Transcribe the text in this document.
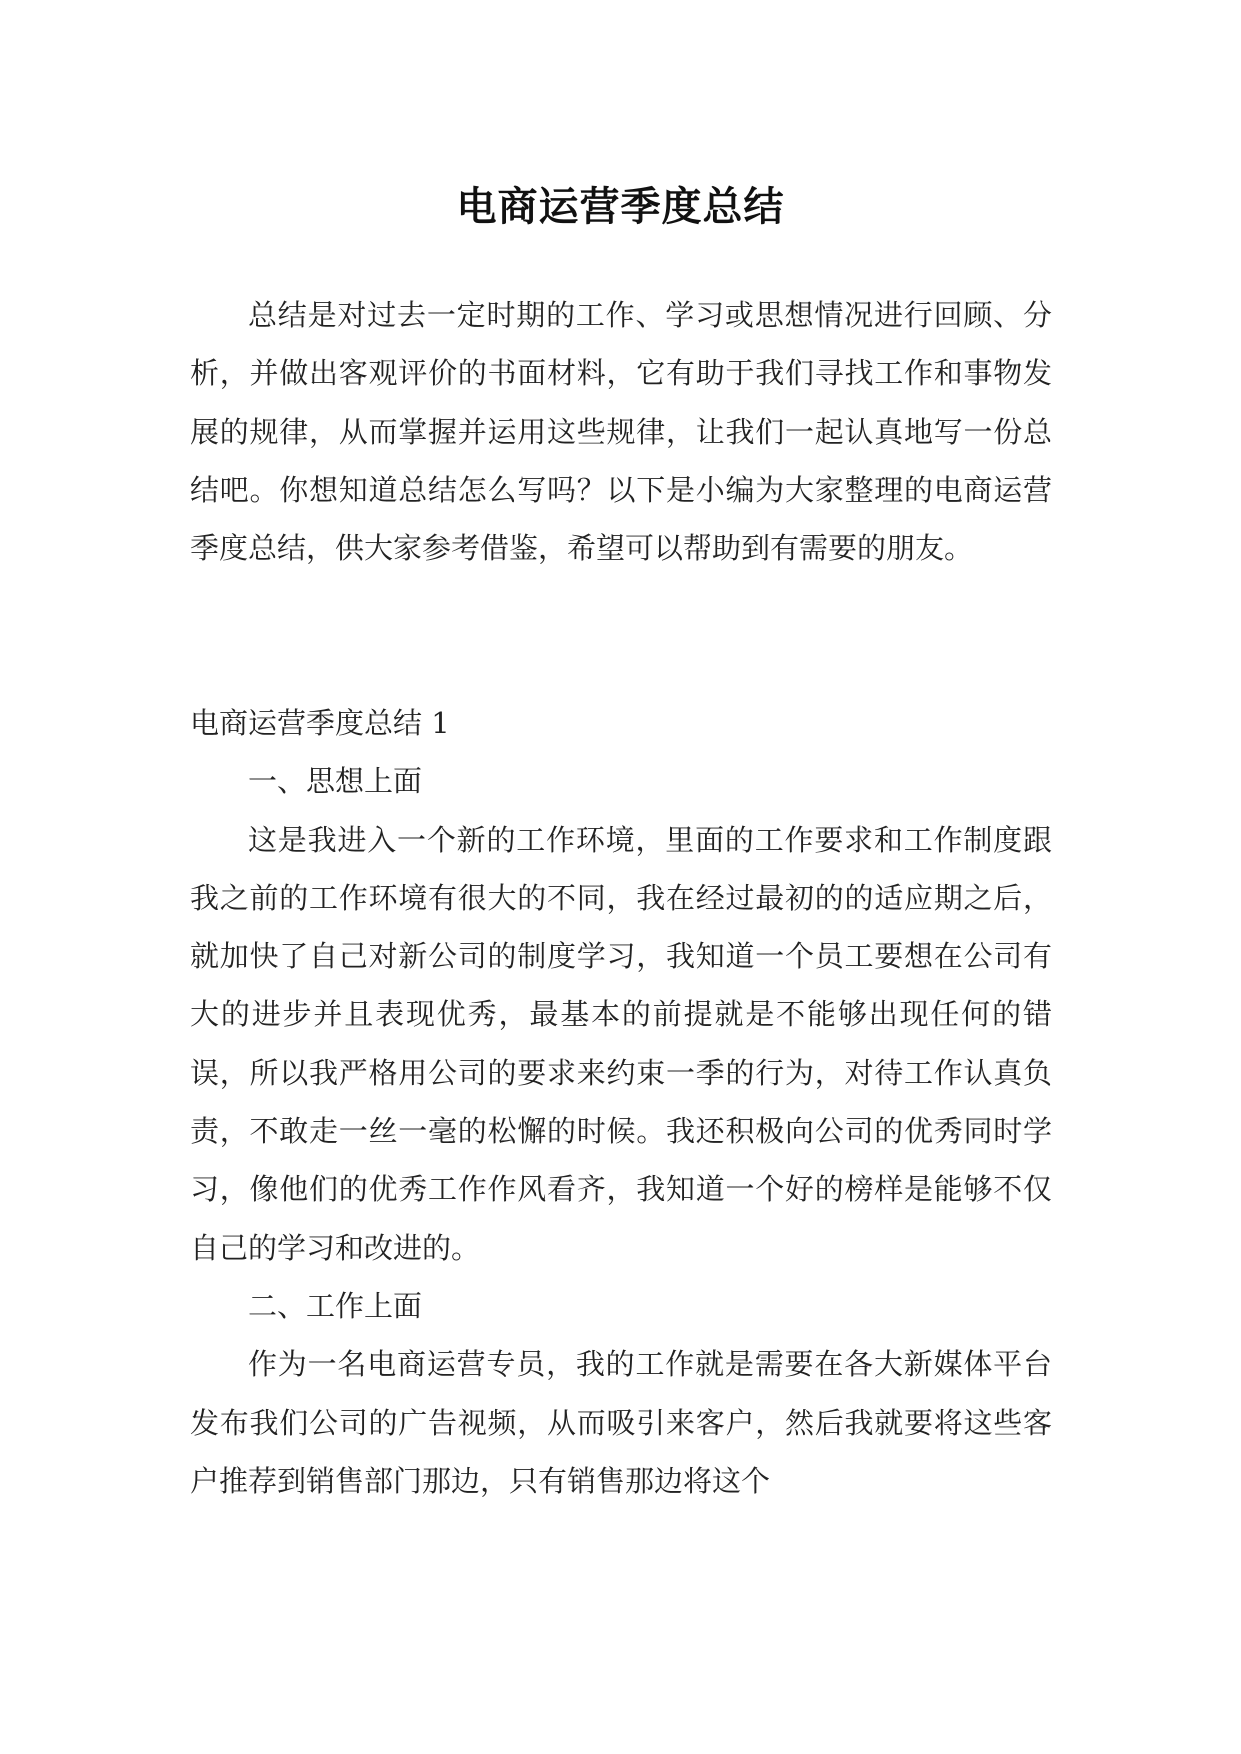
电商运营季度总结

总结是对过去一定时期的工作、学习或思想情况进行回顾、分析，并做出客观评价的书面材料，它有助于我们寻找工作和事物发展的规律，从而掌握并运用这些规律，让我们一起认真地写一份总结吧。你想知道总结怎么写吗？以下是小编为大家整理的电商运营季度总结，供大家参考借鉴，希望可以帮助到有需要的朋友。

电商运营季度总结 1

一、思想上面

这是我进入一个新的工作环境，里面的工作要求和工作制度跟我之前的工作环境有很大的不同，我在经过最初的的适应期之后，就加快了自己对新公司的制度学习，我知道一个员工要想在公司有大的进步并且表现优秀，最基本的前提就是不能够出现任何的错误，所以我严格用公司的要求来约束一季的行为，对待工作认真负责，不敢走一丝一毫的松懈的时候。我还积极向公司的优秀同时学习，像他们的优秀工作作风看齐，我知道一个好的榜样是能够不仅自己的学习和改进的。

二、工作上面

作为一名电商运营专员，我的工作就是需要在各大新媒体平台发布我们公司的广告视频，从而吸引来客户，然后我就要将这些客户推荐到销售部门那边，只有销售那边将这个
